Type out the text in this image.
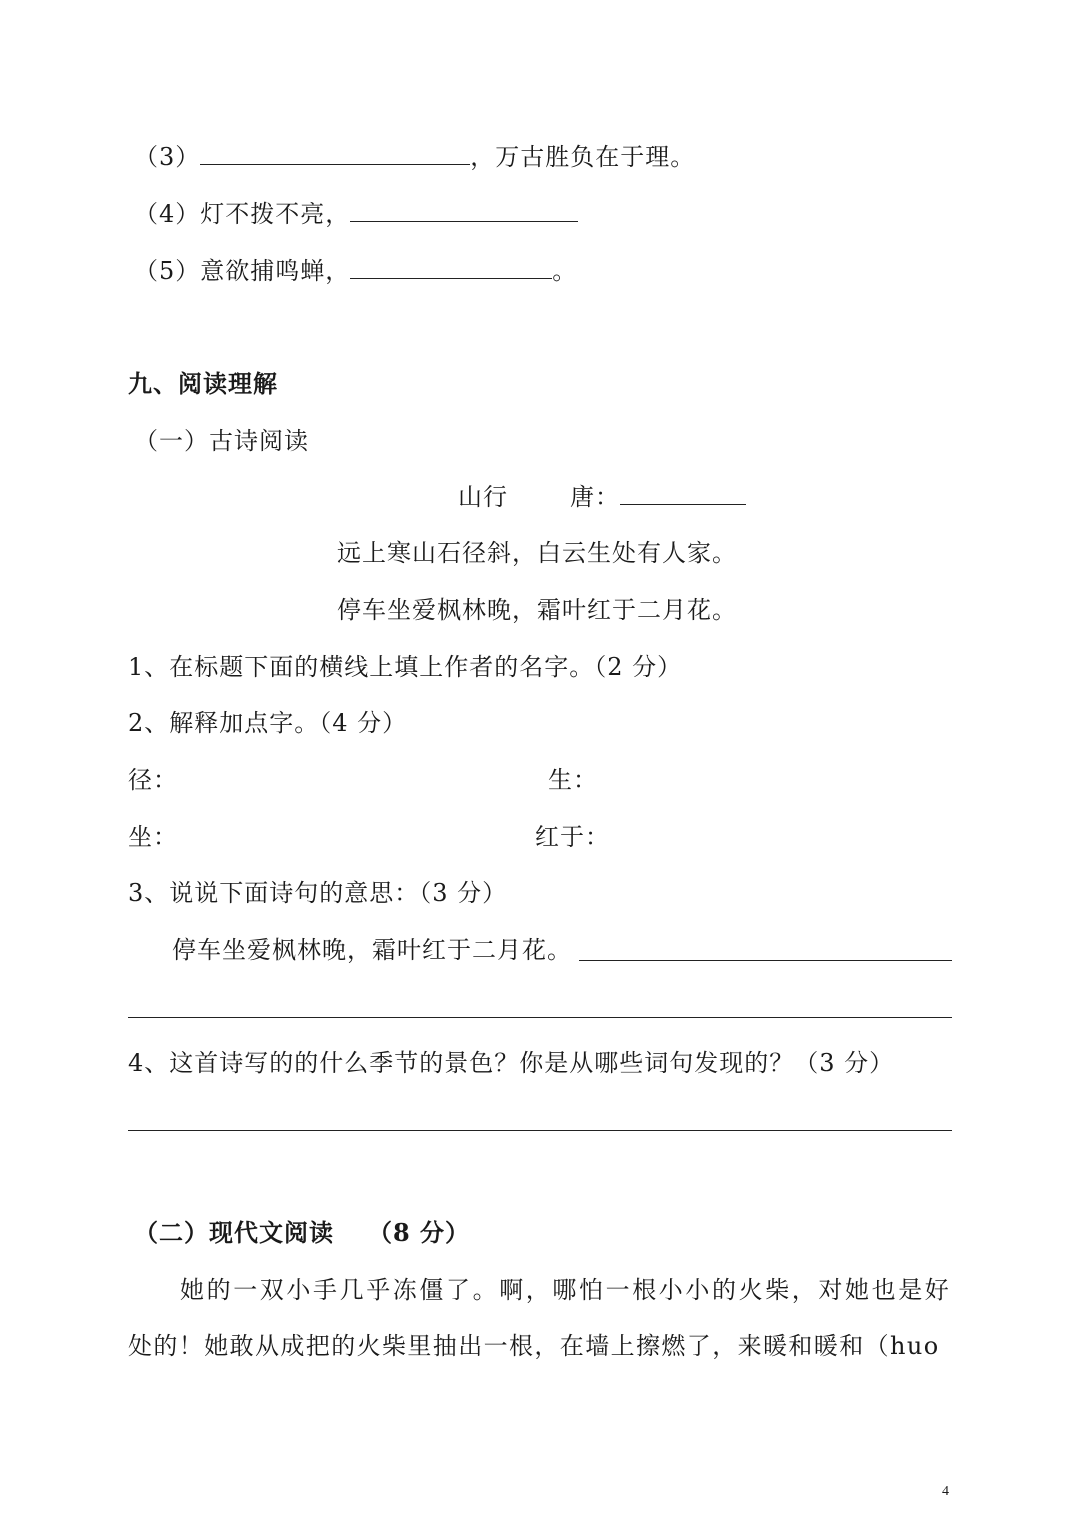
（3）	，万古胜负在于理。
（4）灯不拨不亮，
（5）意欲捕鸣蝉，	。
九、阅读理解
（一）古诗阅读
山行	唐：
远上寒山石径斜，白云生处有人家。
停车坐爱枫林晚，霜叶红于二月花。
1、在标题下面的横线上填上作者的名字。（2 分）
2、解释加点字。（4 分）
径：	生：
坐：	红于：
3、说说下面诗句的意思：（3 分）
停车坐爱枫林晚，霜叶红于二月花。
4、这首诗写的的什么季节的景色？你是从哪些词句发现的？（3 分）
（二）现代文阅读 （8 分）
她的一双小手几乎冻僵了。啊，哪怕一根小小的火柴，对她也是好
处的！她敢从成把的火柴里抽出一根，在墙上擦燃了，来暖和暖和（huo
4
